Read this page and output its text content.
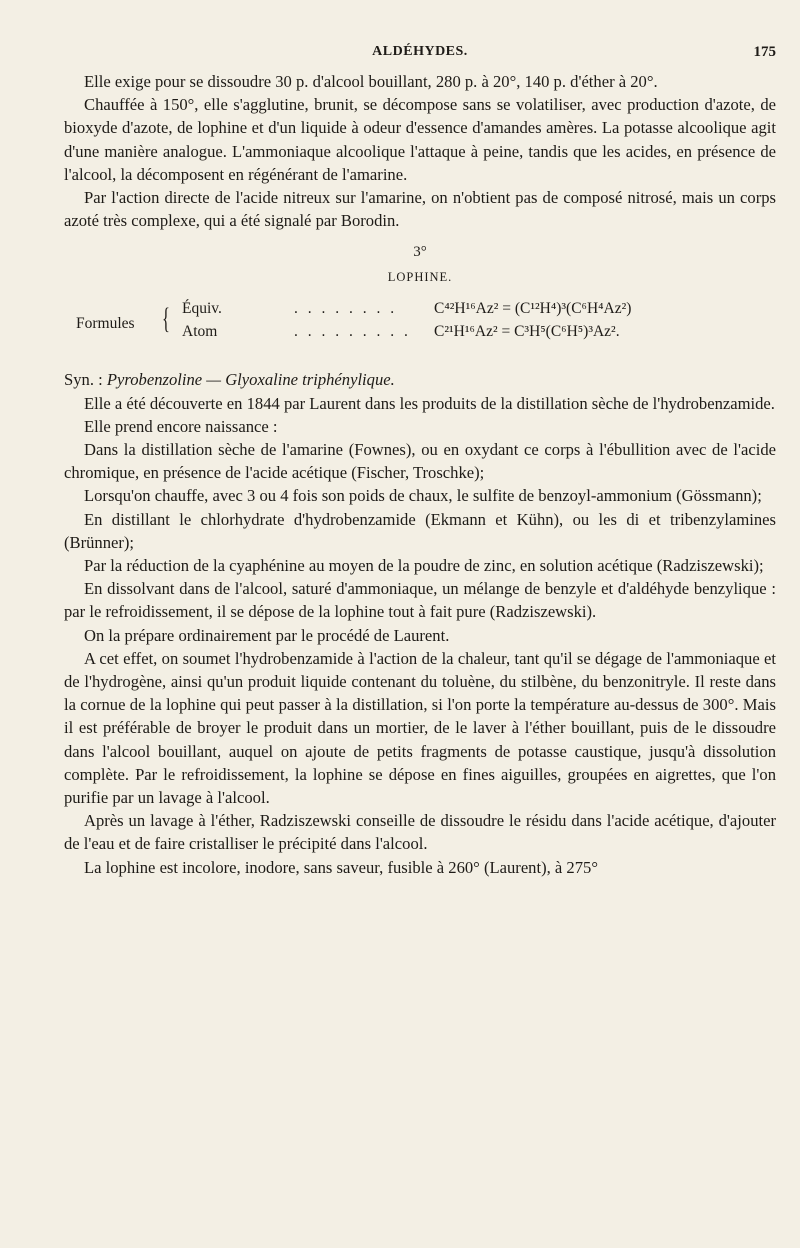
ALDÉHYDES.	175

Elle exige pour se dissoudre 30 p. d'alcool bouillant, 280 p. à 20°, 140 p. d'éther à 20°.

Chauffée à 150°, elle s'agglutine, brunit, se décompose sans se volatiliser, avec production d'azote, de bioxyde d'azote, de lophine et d'un liquide à odeur d'essence d'amandes amères. La potasse alcoolique agit d'une manière analogue. L'ammoniaque alcoolique l'attaque à peine, tandis que les acides, en présence de l'alcool, la décomposent en régénérant de l'amarine.

Par l'action directe de l'acide nitreux sur l'amarine, on n'obtient pas de composé nitrosé, mais un corps azoté très complexe, qui a été signalé par Borodin.

3°
LOPHINE.
Formules { Équiv.	. . . . . . . . C⁴²H¹⁶Az² = (C¹²H⁴)³(C⁶H⁴Az²)
Atom	. . . . . . . . . C²¹H¹⁶Az² = C³H⁵(C⁶H⁵)³Az².

Syn. : Pyrobenzoline — Glyoxaline triphénylique.

Elle a été découverte en 1844 par Laurent dans les produits de la distillation sèche de l'hydrobenzamide.

Elle prend encore naissance :

Dans la distillation sèche de l'amarine (Fownes), ou en oxydant ce corps à l'ébullition avec de l'acide chromique, en présence de l'acide acétique (Fischer, Troschke);

Lorsqu'on chauffe, avec 3 ou 4 fois son poids de chaux, le sulfite de benzoyl-ammonium (Gössmann);

En distillant le chlorhydrate d'hydrobenzamide (Ekmann et Kühn), ou les di et tribenzylamines (Brünner);

Par la réduction de la cyaphénine au moyen de la poudre de zinc, en solution acétique (Radziszewski);

En dissolvant dans de l'alcool, saturé d'ammoniaque, un mélange de benzyle et d'aldéhyde benzylique : par le refroidissement, il se dépose de la lophine tout à fait pure (Radziszewski).

On la prépare ordinairement par le procédé de Laurent.

A cet effet, on soumet l'hydrobenzamide à l'action de la chaleur, tant qu'il se dégage de l'ammoniaque et de l'hydrogène, ainsi qu'un produit liquide contenant du toluène, du stilbène, du benzonitryle. Il reste dans la cornue de la lophine qui peut passer à la distillation, si l'on porte la température au-dessus de 300°. Mais il est préférable de broyer le produit dans un mortier, de le laver à l'éther bouillant, puis de le dissoudre dans l'alcool bouillant, auquel on ajoute de petits fragments de potasse caustique, jusqu'à dissolution complète. Par le refroidissement, la lophine se dépose en fines aiguilles, groupées en aigrettes, que l'on purifie par un lavage à l'alcool.

Après un lavage à l'éther, Radziszewski conseille de dissoudre le résidu dans l'acide acétique, d'ajouter de l'eau et de faire cristalliser le précipité dans l'alcool.

La lophine est incolore, inodore, sans saveur, fusible à 260° (Laurent), à 275°
